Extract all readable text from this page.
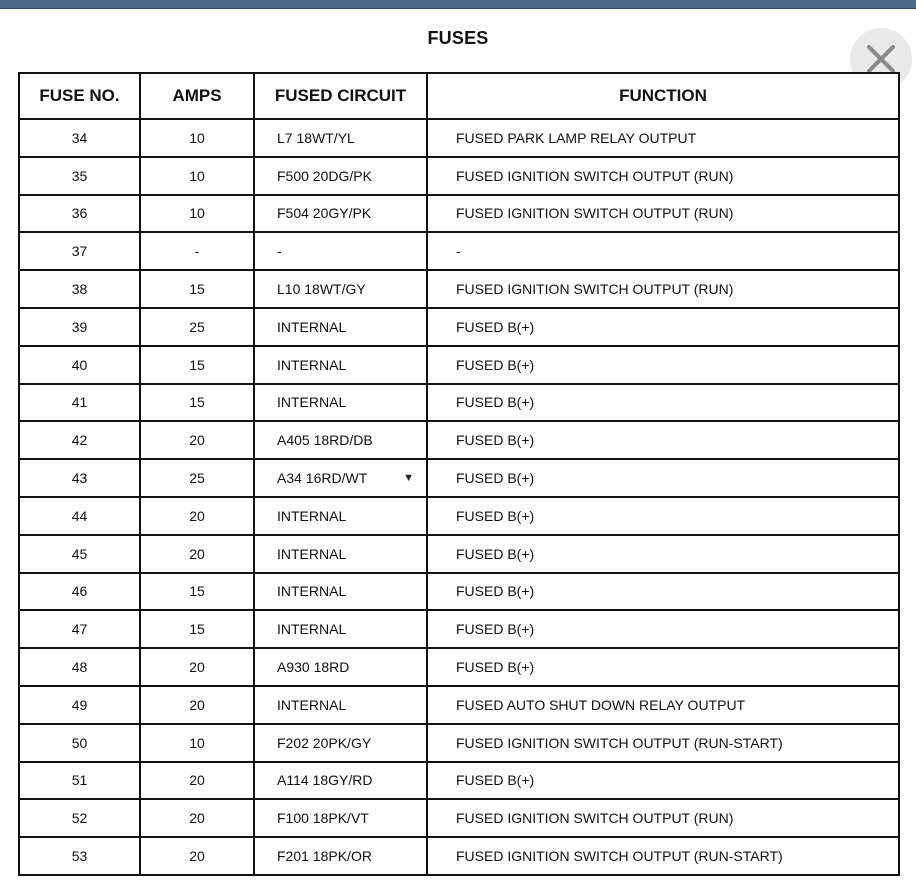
FUSES
FUSE NO.	AMPS	FUSED CIRCUIT	FUNCTION
34	10	L7 18WT/YL	FUSED PARK LAMP RELAY OUTPUT
35	10	F500 20DG/PK	FUSED IGNITION SWITCH OUTPUT (RUN)
36	10	F504 20GY/PK	FUSED IGNITION SWITCH OUTPUT (RUN)
37	-	-	-
38	15	L10 18WT/GY	FUSED IGNITION SWITCH OUTPUT (RUN)
39	25	INTERNAL	FUSED B(+)
40	15	INTERNAL	FUSED B(+)
41	15	INTERNAL	FUSED B(+)
42	20	A405 18RD/DB	FUSED B(+)
43	25	A34 16RD/WT ▼	FUSED B(+)
44	20	INTERNAL	FUSED B(+)
45	20	INTERNAL	FUSED B(+)
46	15	INTERNAL	FUSED B(+)
47	15	INTERNAL	FUSED B(+)
48	20	A930 18RD	FUSED B(+)
49	20	INTERNAL	FUSED AUTO SHUT DOWN RELAY OUTPUT
50	10	F202 20PK/GY	FUSED IGNITION SWITCH OUTPUT (RUN-START)
51	20	A114 18GY/RD	FUSED B(+)
52	20	F100 18PK/VT	FUSED IGNITION SWITCH OUTPUT (RUN)
53	20	F201 18PK/OR	FUSED IGNITION SWITCH OUTPUT (RUN-START)
